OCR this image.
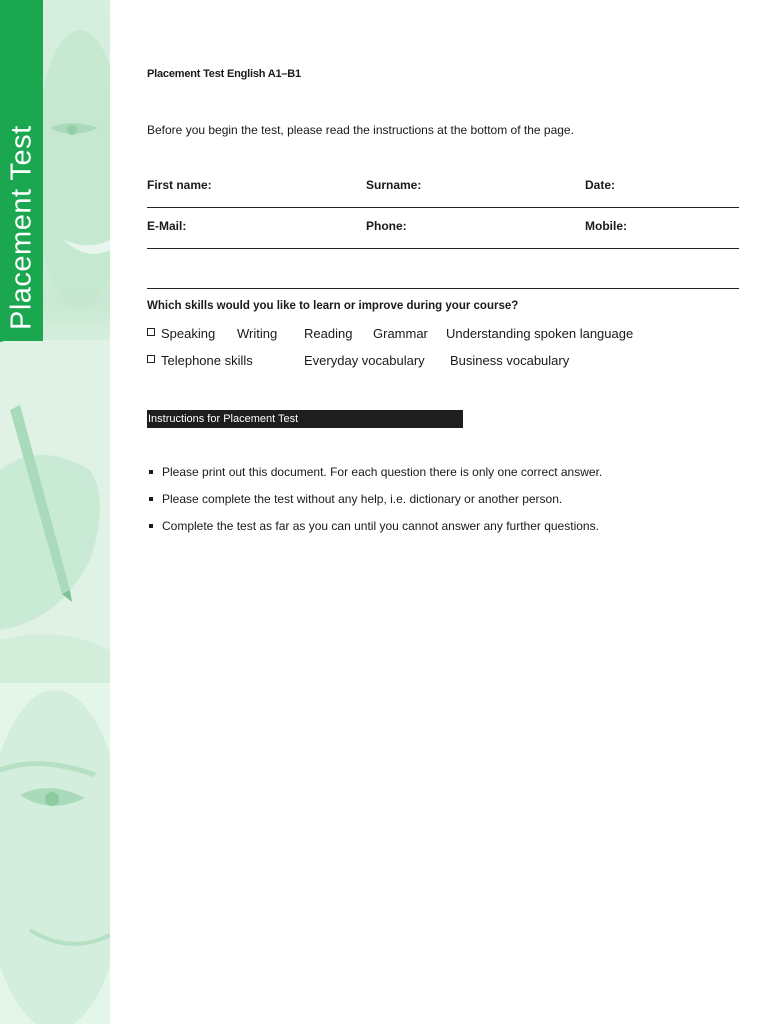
Placement Test
Placement Test English A1–B1
Before you begin the test, please read the instructions at the bottom of the page.
First name:	Surname:	Date:
E-Mail:	Phone:	Mobile:
Which skills would you like to learn or improve during your course?
Speaking Writing Reading Grammar Understanding spoken language
Telephone skills	Everyday vocabulary Business vocabulary
Instructions for Placement Test
Please print out this document. For each question there is only one correct answer.
Please complete the test without any help, i.e. dictionary or another person.
Complete the test as far as you can until you cannot answer any further questions.
